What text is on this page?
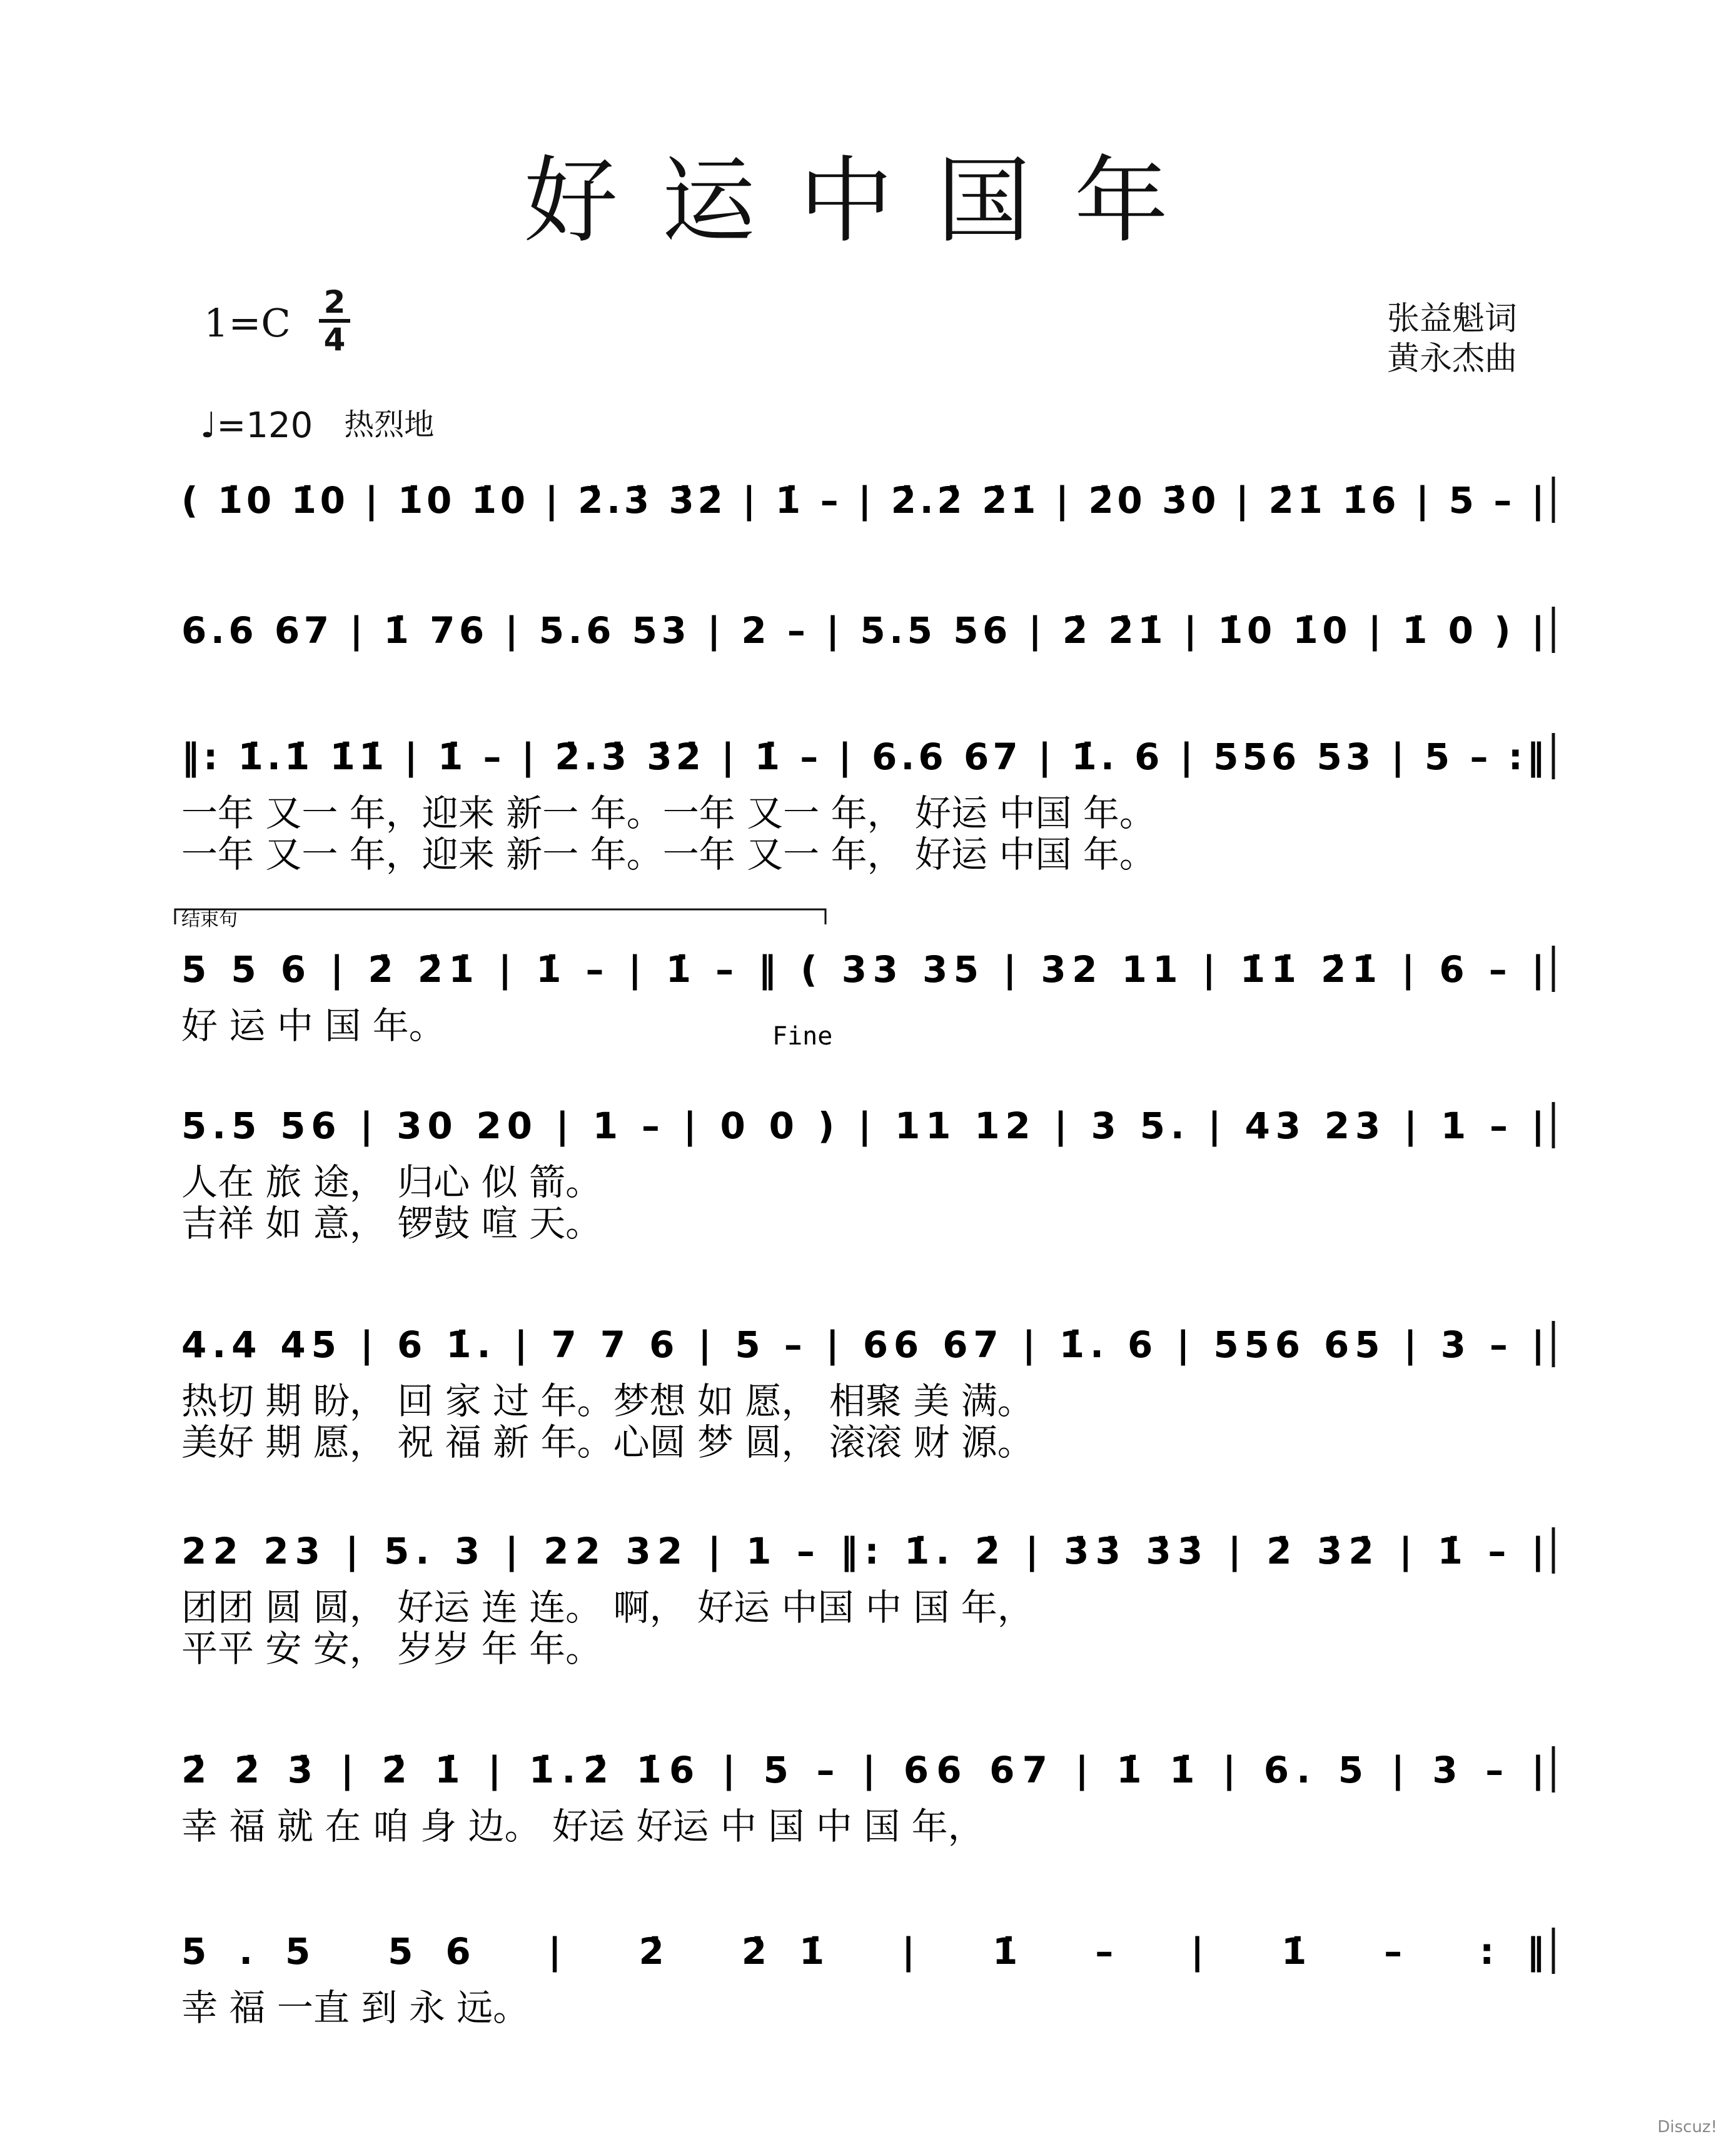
好运中国年
1=C 2
4
张益魁词
黄永杰曲
♩=120 热烈地
( 1̇0 1̇0 | 1̇0 1̇0 | 2̇.3̇ 3̇2̇ | 1̇ – | 2̇.2̇ 2̇1̇ | 2̇0 3̇0 | 2̇1̇ 1̇6 | 5 – |
6.6 67 | 1̇ 76 | 5.6 53 | 2 – | 5.5 56 | 2̇ 2̇1̇ | 1̇0 1̇0 | 1̇ 0 ) |
‖: 1̇.1̇ 1̇1̇ | 1̇ – | 2̇.3̇ 3̇2̇ | 1̇ – | 6.6 67 | 1̇. 6 | 556 53 | 5 – :‖
一年 又一 年，迎来 新一 年。一年 又一 年， 好运 中国 年。
一年 又一 年，迎来 新一 年。一年 又一 年， 好运 中国 年。
结束句
5 5 6 | 2̇ 2̇1̇ | 1̇ – | 1̇ – ‖ ( 33 35 | 32 11 | 1̇1̇ 2̇1̇ | 6 – |
Fine
好 运 中 国 年。
5.5 56 | 30 20 | 1 – | 0 0 ) | 11 12 | 3 5. | 43 23 | 1 – |
人在 旅 途， 归心 似 箭。
吉祥 如 意， 锣鼓 喧 天。
4.4 45 | 6 1̇. | 7 7 6 | 5 – | 66 67 | 1̇. 6 | 556 65 | 3 – |
热切 期 盼， 回 家 过 年。梦想 如 愿， 相聚 美 满。
美好 期 愿， 祝 福 新 年。心圆 梦 圆， 滚滚 财 源。
22 23 | 5. 3 | 22 32 | 1 – ‖: 1̇. 2̇ | 3̇3̇ 3̇3̇ | 2̇ 3̇2̇ | 1̇ – |
团团 圆 圆， 好运 连 连。 啊， 好运 中国 中 国 年，
平平 安 安， 岁岁 年 年。
2̇ 2̇ 3̇ | 2̇ 1̇ | 1̇.2̇ 1̇6 | 5 – | 66 67 | 1̇ 1̇ | 6. 5 | 3 – |
幸 福 就 在 咱 身 边。 好运 好运 中 国 中 国 年，
5.5 56 | 2̇ 2̇1̇ | 1̇ – | 1̇ – :‖
幸 福 一直 到 永 远。
Discuz!
